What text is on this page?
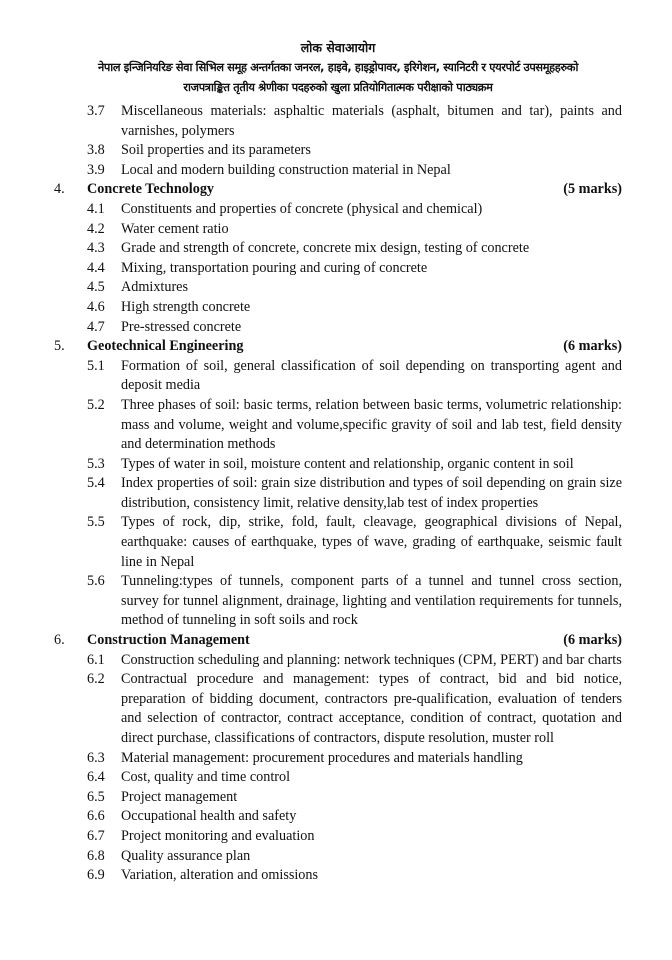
लोक सेवाआयोग
नेपाल इन्जिनियरिङ सेवा सिभिल समूह अन्तर्गतका जनरल, हाइवे, हाइड्रोपावर, इरिगेशन, स्यानिटरी र एयरपोर्ट उपसमूहहरुको
राजपत्राङ्कित तृतीय श्रेणीका पदहरुको खुला प्रतियोगितात्मक परीक्षाको पाठ्यक्रम
3.7	Miscellaneous materials: asphaltic materials (asphalt, bitumen and tar), paints and varnishes, polymers
3.8	Soil properties and its parameters
3.9	Local and modern building construction material in Nepal
4.	Concrete Technology	(5 marks)
4.1	Constituents and properties of concrete (physical and chemical)
4.2	Water cement ratio
4.3	Grade and strength of concrete, concrete mix design, testing of concrete
4.4	Mixing, transportation pouring and curing of concrete
4.5	Admixtures
4.6	High strength concrete
4.7	Pre-stressed concrete
5.	Geotechnical Engineering	(6 marks)
5.1	Formation of soil, general classification of soil depending on transporting agent and deposit media
5.2	Three phases of soil: basic terms, relation between basic terms, volumetric relationship: mass and volume, weight and volume,specific gravity of soil and lab test, field density and determination methods
5.3	Types of water in soil, moisture content and relationship, organic content in soil
5.4	Index properties of soil: grain size distribution and types of soil depending on grain size distribution, consistency limit, relative density,lab test of index properties
5.5	Types of rock, dip, strike, fold, fault, cleavage, geographical divisions of Nepal, earthquake: causes of earthquake, types of wave, grading of earthquake, seismic fault line in Nepal
5.6	Tunneling:types of tunnels, component parts of a tunnel and tunnel cross section, survey for tunnel alignment, drainage, lighting and ventilation requirements for tunnels, method of tunneling in soft soils and rock
6.	Construction Management	(6 marks)
6.1	Construction scheduling and planning: network techniques (CPM, PERT) and bar charts
6.2	Contractual procedure and management: types of contract, bid and bid notice, preparation of bidding document, contractors pre-qualification, evaluation of tenders and selection of contractor, contract acceptance, condition of contract, quotation and direct purchase, classifications of contractors, dispute resolution, muster roll
6.3	Material management: procurement procedures and materials handling
6.4	Cost, quality and time control
6.5	Project management
6.6	Occupational health and safety
6.7	Project monitoring and evaluation
6.8	Quality assurance plan
6.9	Variation, alteration and omissions
